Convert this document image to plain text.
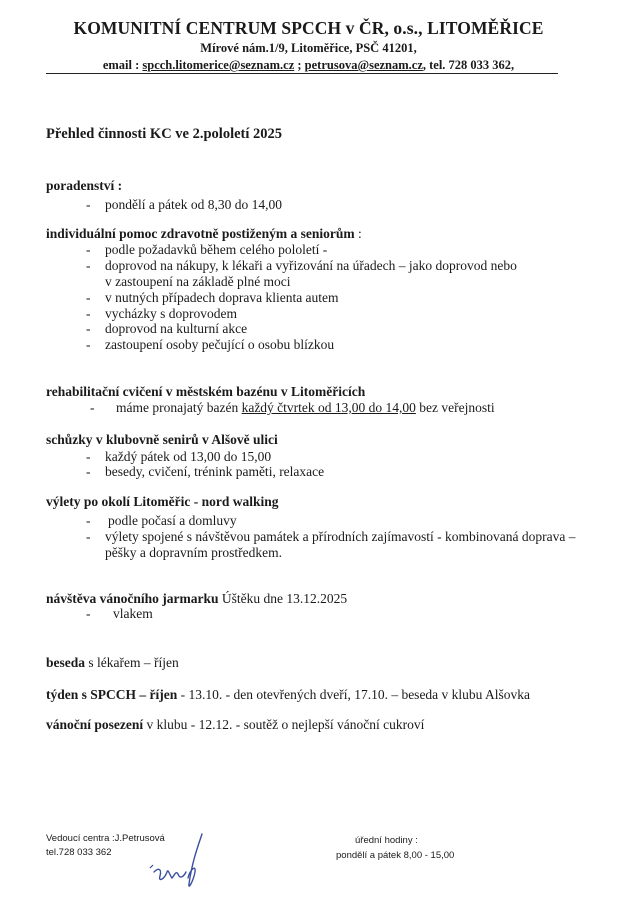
KOMUNITNÍ CENTRUM SPCCH v ČR, o.s., LITOMĚŘICE
Mírové nám.1/9, Litoměřice, PSČ 41201,
email : spcch.litomerice@seznam.cz ; petrusova@seznam.cz, tel. 728 033 362,
Přehled činnosti KC ve 2.pololetí 2025
poradenství :
- pondělí a pátek od 8,30 do 14,00
individuální pomoc zdravotně postiženým a seniorům :
- podle požadavků během celého pololetí -
- doprovod na nákupy, k lékaři a vyřizování na úřadech – jako doprovod nebo
v zastoupení na základě plné moci
- v nutných případech doprava klienta autem
- vycházky s doprovodem
- doprovod na kulturní akce
- zastoupení osoby pečující o osobu blízkou
rehabilitační cvičení v městském bazénu v Litoměřicích
- máme pronajatý bazén každý čtvrtek od 13,00 do 14,00 bez veřejnosti
schůzky v klubovně senirů v Alšově ulici
- každý pátek od 13,00 do 15,00
- besedy, cvičení, trénink paměti, relaxace
výlety po okolí Litoměřic - nord walking
- podle počasí a domluvy
- výlety spojené s návštěvou památek a přírodních zajímavostí - kombinovaná doprava –
pěšky a dopravním prostředkem.
návštěva vánočního jarmarku Úštěku dne 13.12.2025
- vlakem
beseda s lékařem – říjen
týden s SPCCH – říjen - 13.10. - den otevřených dveří, 17.10. – beseda v klubu Alšovka
vánoční posezení v klubu - 12.12. - soutěž o nejlepší vánoční cukroví
Vedoucí centra :J.Petrusová
tel.728 033 362
úřední hodiny :
pondělí a pátek 8,00 - 15,00
